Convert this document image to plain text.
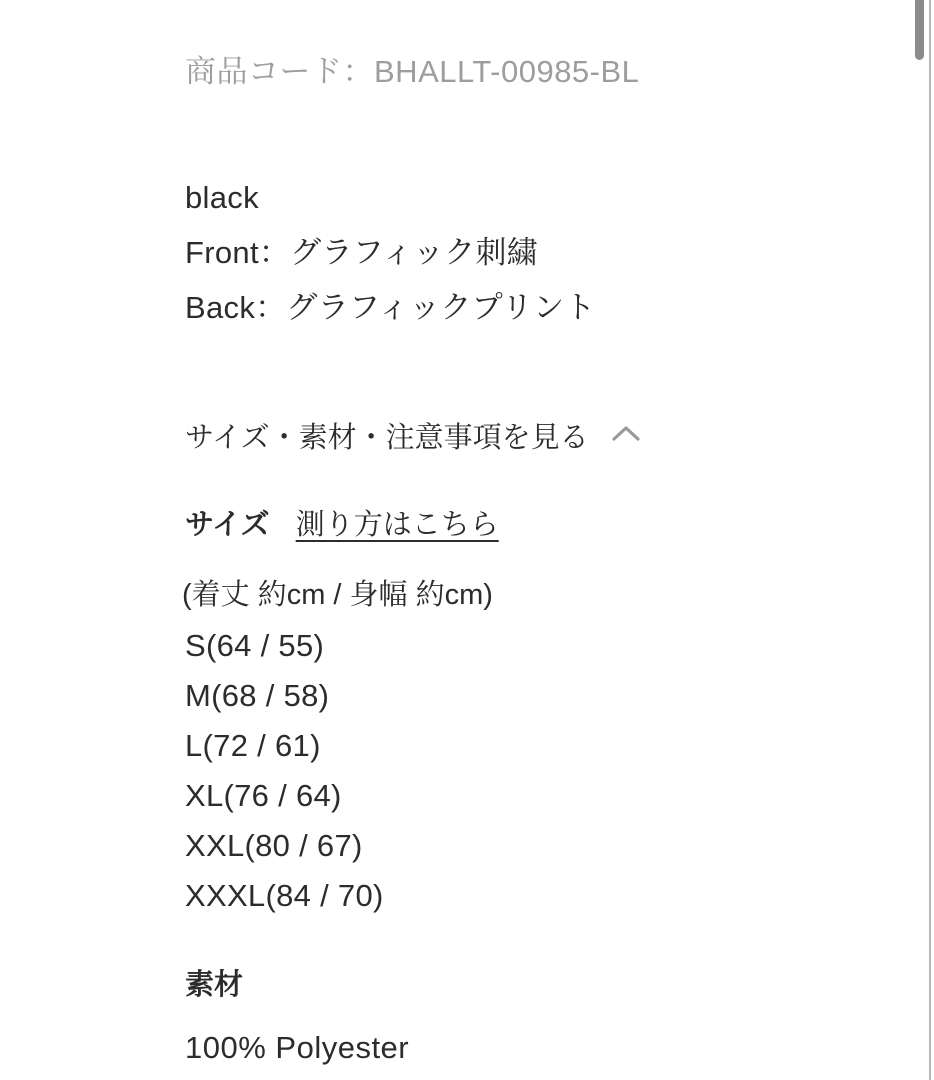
商品コード：BHALLT-00985-BL
black
Front：グラフィック刺繍
Back：グラフィックプリント
サイズ・素材・注意事項を見る
サイズ 測り方はこちら
(着丈 約cm / 身幅 約cm)
S(64 / 55)
M(68 / 58)
L(72 / 61)
XL(76 / 64)
XXL(80 / 67)
XXXL(84 / 70)
素材
100% Polyester
